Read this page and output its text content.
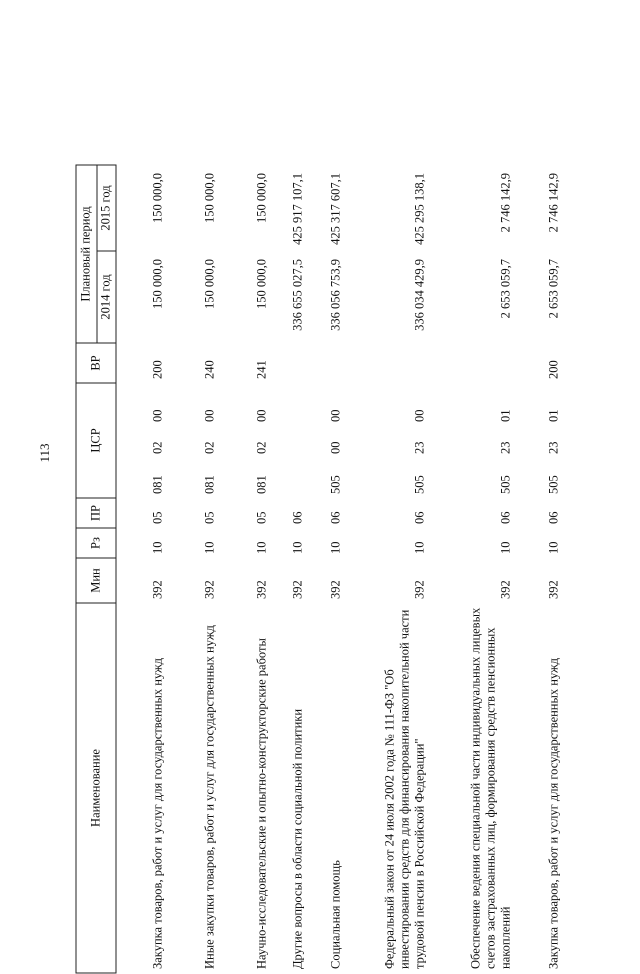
113
Наименование	Мин	Рз	ПР	ЦСР	ВР	Плановый период	
						2014 год	2015 год
Закупка товаров, работ и услуг для государственных нужд	392	10	05	0810200	200	150 000,0	150 000,0
Иные закупки товаров, работ и услуг для государственных нужд	392	10	05	0810200	240	150 000,0	150 000,0
Научно-исследовательские и опытно-конструкторские работы	392	10	05	0810200	241	150 000,0	150 000,0
Другие вопросы в области социальной политики	392	10	06			336 655 027,5	425 917 107,1
Социальная помощь	392	10	06	5050000		336 056 753,9	425 317 607,1
Федеральный закон от 24 июля 2002 года № 111-ФЗ "Об инвестировании средств для финансирования накопительной части трудовой пенсии в Российской Федерации"	392	10	06	5052300		336 034 429,9	425 295 138,1
Обеспечение ведения специальной части индивидуальных лицевых счетов застрахованных лиц, формирования средств пенсионных накоплений	392	10	06	5052301		2 653 059,7	2 746 142,9
Закупка товаров, работ и услуг для государственных нужд	392	10	06	5052301	200	2 653 059,7	2 746 142,9
